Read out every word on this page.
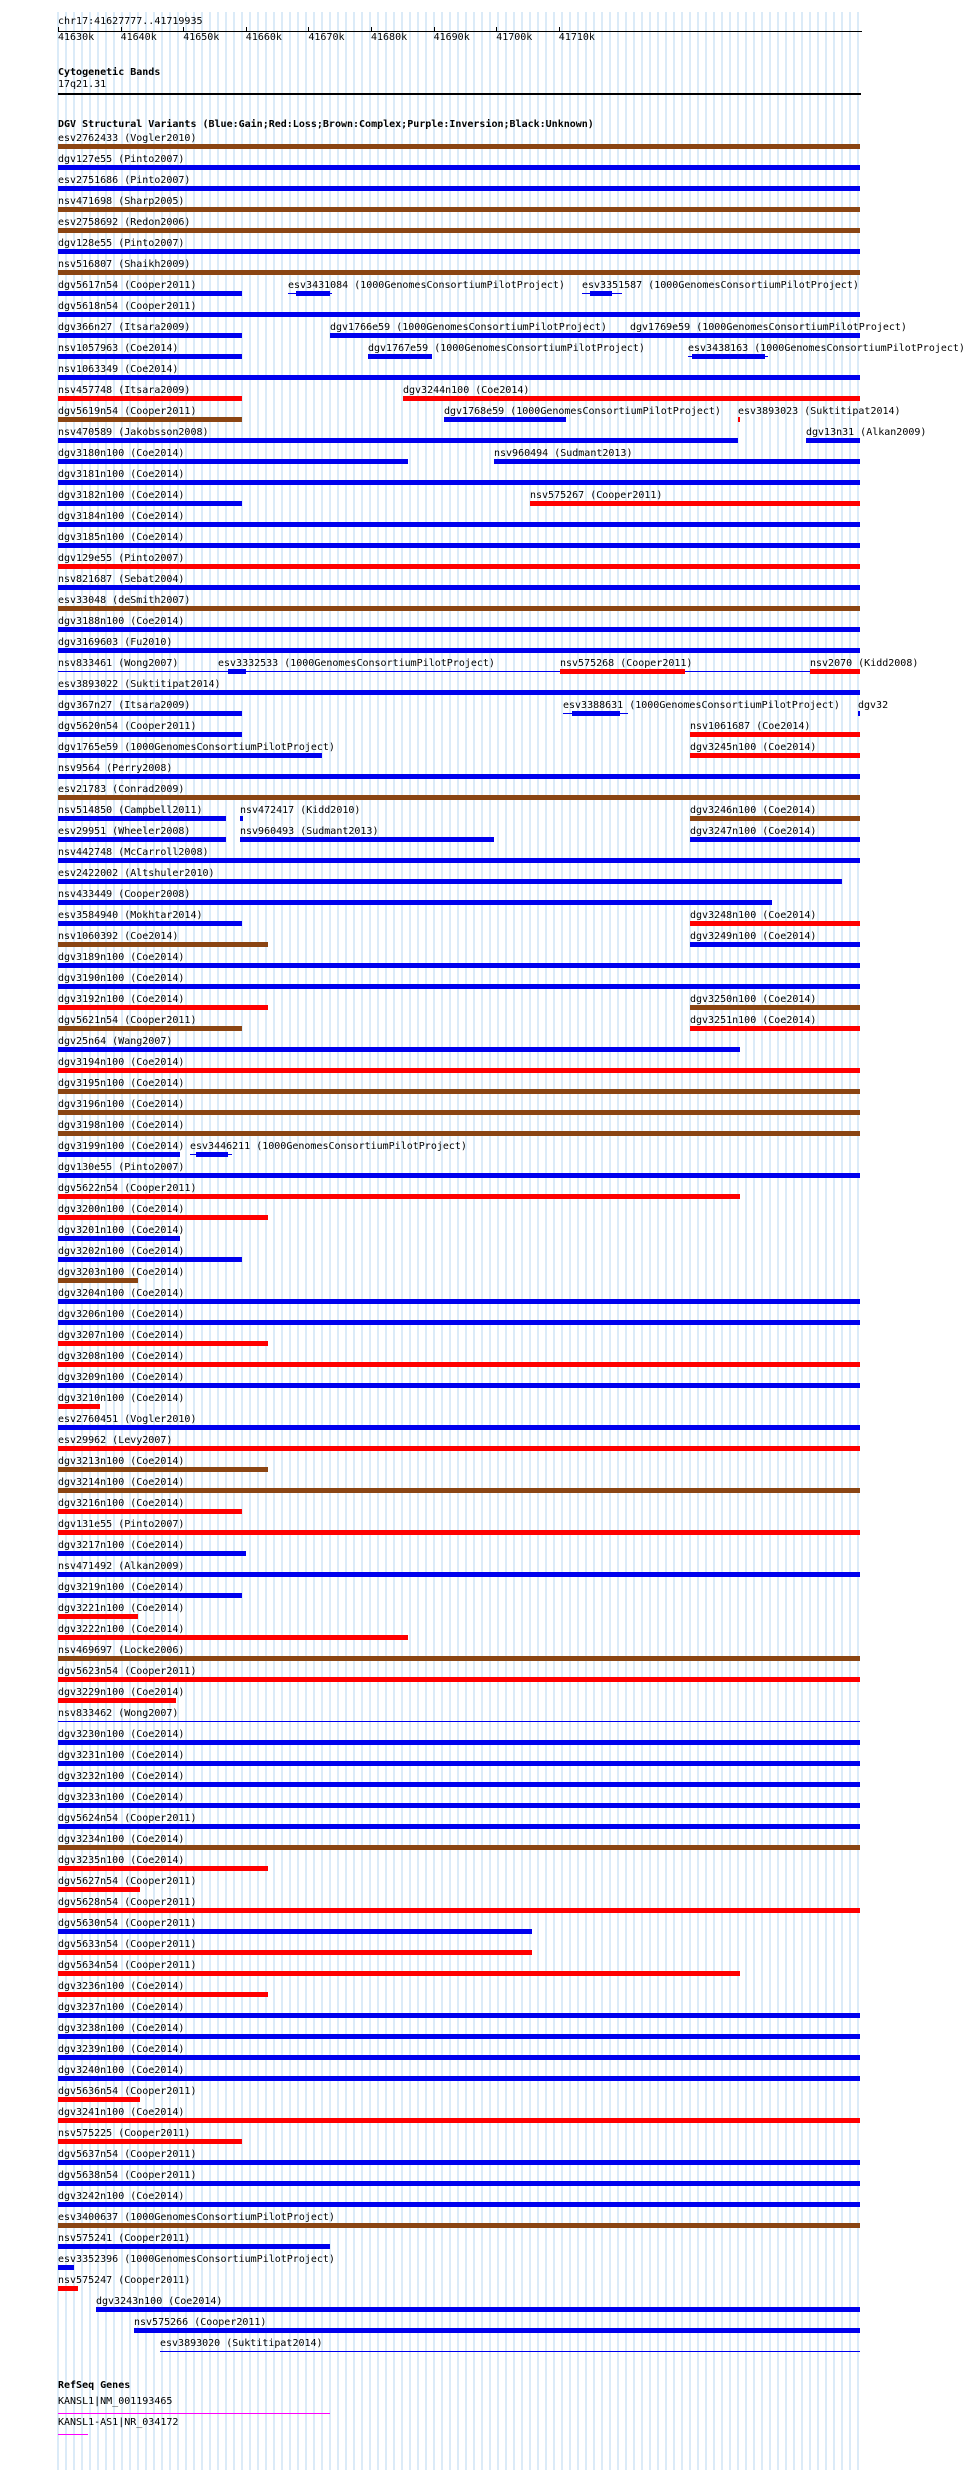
chr17:41627777..41719935
41630k	41640k	41650k	41660k	41670k	41680k	41690k	41700k	41710k
Cytogenetic Bands
17q21.31
DGV Structural Variants (Blue:Gain;Red:Loss;Brown:Complex;Purple:Inversion;Black:Unknown)
esv2762433 (Vogler2010)
dgv127e55 (Pinto2007)
esv2751686 (Pinto2007)
nsv471698 (Sharp2005)
esv2758692 (Redon2006)
dgv128e55 (Pinto2007)
nsv516807 (Shaikh2009)
dgv5617n54 (Cooper2011)	esv3431084 (1000GenomesConsortiumPilotProject) esv3351587 (1000GenomesConsortiumPilotProject)
dgv5618n54 (Cooper2011)
dgv366n27 (Itsara2009)	dgv1766e59 (1000GenomesConsortiumPilotProject) dgv1769e59 (1000GenomesConsortiumPilotProject)
nsv1057963 (Coe2014)	dgv1767e59 (1000GenomesConsortiumPilotProject)	esv3438163 (1000GenomesConsortiumPilotProject)
nsv1063349 (Coe2014)
nsv457748 (Itsara2009)	dgv3244n100 (Coe2014)
dgv5619n54 (Cooper2011)	dgv1768e59 (1000GenomesConsortiumPilotProject) esv3893023 (Suktitipat2014)
nsv470589 (Jakobsson2008)	dgv13n31 (Alkan2009)
dgv3180n100 (Coe2014)	nsv960494 (Sudmant2013)
dgv3181n100 (Coe2014)
dgv3182n100 (Coe2014)	nsv575267 (Cooper2011)
dgv3184n100 (Coe2014)
dgv3185n100 (Coe2014)
dgv129e55 (Pinto2007)
nsv821687 (Sebat2004)
esv33048 (deSmith2007)
dgv3188n100 (Coe2014)
dgv3169603 (Fu2010)
nsv833461 (Wong2007)	esv3332533 (1000GenomesConsortiumPilotProject)	nsv575268 (Cooper2011)	nsv2070 (Kidd2008)
esv3893022 (Suktitipat2014)
dgv367n27 (Itsara2009)	esv3388631 (1000GenomesConsortiumPilotProject) dgv32
dgv5620n54 (Cooper2011)	nsv1061687 (Coe2014)
dgv1765e59 (1000GenomesConsortiumPilotProject)	dgv3245n100 (Coe2014)
nsv9564 (Perry2008)
esv21783 (Conrad2009)
nsv514850 (Campbell2011)	nsv472417 (Kidd2010)	dgv3246n100 (Coe2014)
esv29951 (Wheeler2008)	nsv960493 (Sudmant2013)	dgv3247n100 (Coe2014)
nsv442748 (McCarroll2008)
esv2422002 (Altshuler2010)
nsv433449 (Cooper2008)
esv3584940 (Mokhtar2014)	dgv3248n100 (Coe2014)
nsv1060392 (Coe2014)	dgv3249n100 (Coe2014)
dgv3189n100 (Coe2014)
dgv3190n100 (Coe2014)
dgv3192n100 (Coe2014)	dgv3250n100 (Coe2014)
dgv5621n54 (Cooper2011)	dgv3251n100 (Coe2014)
dgv25n64 (Wang2007)
dgv3194n100 (Coe2014)
dgv3195n100 (Coe2014)
dgv3196n100 (Coe2014)
dgv3198n100 (Coe2014)
dgv3199n100 (Coe2014) esv3446211 (1000GenomesConsortiumPilotProject)
dgv130e55 (Pinto2007)
dgv5622n54 (Cooper2011)
dgv3200n100 (Coe2014)
dgv3201n100 (Coe2014)
dgv3202n100 (Coe2014)
dgv3203n100 (Coe2014)
dgv3204n100 (Coe2014)
dgv3206n100 (Coe2014)
dgv3207n100 (Coe2014)
dgv3208n100 (Coe2014)
dgv3209n100 (Coe2014)
dgv3210n100 (Coe2014)
esv2760451 (Vogler2010)
esv29962 (Levy2007)
dgv3213n100 (Coe2014)
dgv3214n100 (Coe2014)
dgv3216n100 (Coe2014)
dgv131e55 (Pinto2007)
dgv3217n100 (Coe2014)
nsv471492 (Alkan2009)
dgv3219n100 (Coe2014)
dgv3221n100 (Coe2014)
dgv3222n100 (Coe2014)
nsv469697 (Locke2006)
dgv5623n54 (Cooper2011)
dgv3229n100 (Coe2014)
nsv833462 (Wong2007)
dgv3230n100 (Coe2014)
dgv3231n100 (Coe2014)
dgv3232n100 (Coe2014)
dgv3233n100 (Coe2014)
dgv5624n54 (Cooper2011)
dgv3234n100 (Coe2014)
dgv3235n100 (Coe2014)
dgv5627n54 (Cooper2011)
dgv5628n54 (Cooper2011)
dgv5630n54 (Cooper2011)
dgv5633n54 (Cooper2011)
dgv5634n54 (Cooper2011)
dgv3236n100 (Coe2014)
dgv3237n100 (Coe2014)
dgv3238n100 (Coe2014)
dgv3239n100 (Coe2014)
dgv3240n100 (Coe2014)
dgv5636n54 (Cooper2011)
dgv3241n100 (Coe2014)
nsv575225 (Cooper2011)
dgv5637n54 (Cooper2011)
dgv5638n54 (Cooper2011)
dgv3242n100 (Coe2014)
esv3400637 (1000GenomesConsortiumPilotProject)
nsv575241 (Cooper2011)
esv3352396 (1000GenomesConsortiumPilotProject)
nsv575247 (Cooper2011)
dgv3243n100 (Coe2014)
nsv575266 (Cooper2011)
esv3893020 (Suktitipat2014)
RefSeq Genes
KANSL1|NM_001193465
KANSL1-AS1|NR_034172
